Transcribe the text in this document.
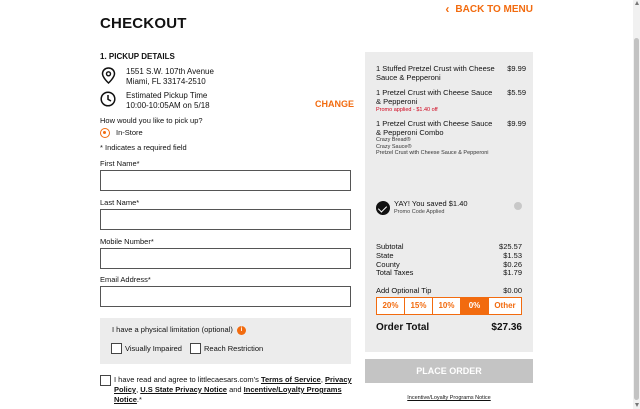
CHECKOUT
‹ BACK TO MENU
1. PICKUP DETAILS
1551 S.W. 107th Avenue
Miami, FL 33174-2510
Estimated Pickup Time
10:00-10:05AM on 5/18	CHANGE
How would you like to pick up?
In-Store
* Indicates a required field
First Name*
Last Name*
Mobile Number*
Email Address*
I have a physical limitation (optional)	i
Visually Impaired	Reach Restriction
I have read and agree to littlecaesars.com's Terms of Service, Privacy Policy, U.S State Privacy Notice and Incentive/Loyalty Programs Notice.*
1 Stuffed Pretzel Crust with Cheese Sauce & Pepperoni
$9.99
1 Pretzel Crust with Cheese Sauce & Pepperoni
Promo applied - $1.40 off
$5.59
1 Pretzel Crust with Cheese Sauce & Pepperoni Combo
Crazy Bread®
Crazy Sauce®
Pretzel Crust with Cheese Sauce & Pepperoni
$9.99
YAY! You saved $1.40
Promo Code Applied
Subtotal	$25.57
State	$1.53
County	$0.26
Total Taxes	$1.79
Add Optional Tip	$0.00
20%	15%	10%	0%	Other
Order Total	$27.36
PLACE ORDER
Incentive/Loyalty Programs Notice
